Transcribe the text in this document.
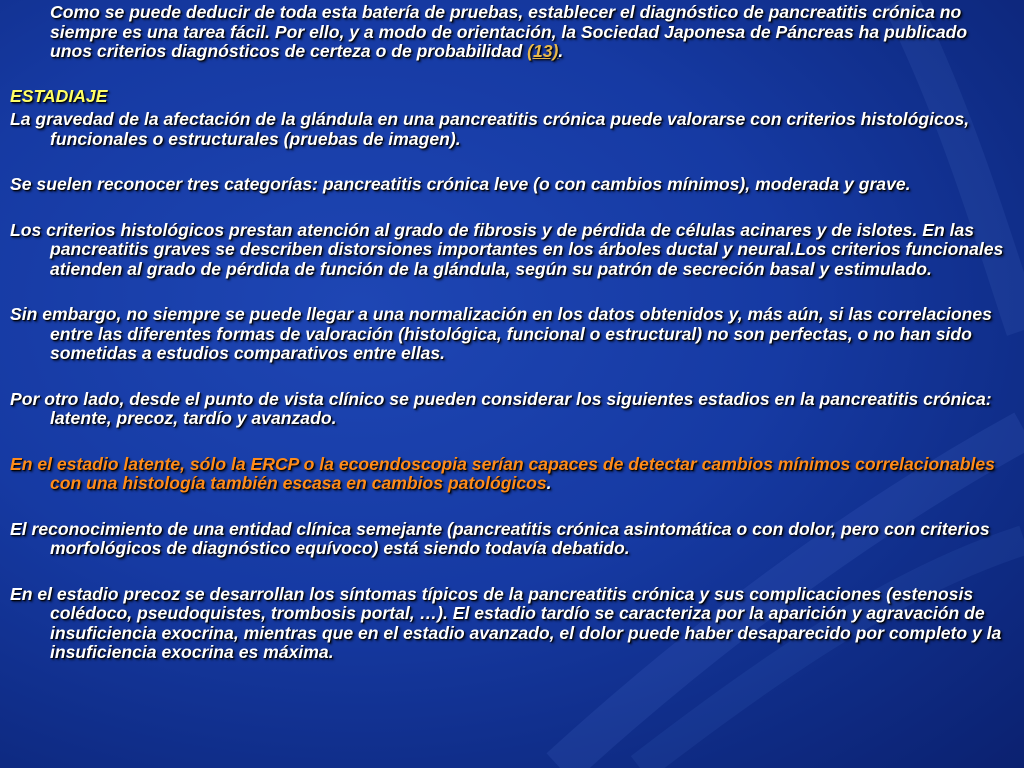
Como se puede deducir de toda esta batería de pruebas, establecer el diagnóstico de pancreatitis crónica no siempre es una tarea fácil. Por ello, y a modo de orientación, la Sociedad Japonesa de Páncreas ha publicado unos criterios diagnósticos de certeza o de probabilidad (13).

ESTADIAJE

La gravedad de la afectación de la glándula en una pancreatitis crónica puede valorarse con criterios histológicos, funcionales o estructurales (pruebas de imagen).

Se suelen reconocer tres categorías: pancreatitis crónica leve (o con cambios mínimos), moderada y grave.

Los criterios histológicos prestan atención al grado de fibrosis y de pérdida de células acinares y de islotes. En las pancreatitis graves se describen distorsiones importantes en los árboles ductal y neural.Los criterios funcionales atienden al grado de pérdida de función de la glándula, según su patrón de secreción basal y estimulado.

Sin embargo, no siempre se puede llegar a una normalización en los datos obtenidos y, más aún, si las correlaciones entre las diferentes formas de valoración (histológica, funcional o estructural) no son perfectas, o no han sido sometidas a estudios comparativos entre ellas.

Por otro lado, desde el punto de vista clínico se pueden considerar los siguientes estadios en la pancreatitis crónica: latente, precoz, tardío y avanzado.

En el estadio latente, sólo la ERCP o la ecoendoscopia serían capaces de detectar cambios mínimos correlacionables con una histología también escasa en cambios patológicos.

El reconocimiento de una entidad clínica semejante (pancreatitis crónica asintomática o con dolor, pero con criterios morfológicos de diagnóstico equívoco) está siendo todavía debatido.

En el estadio precoz se desarrollan los síntomas típicos de la pancreatitis crónica y sus complicaciones (estenosis colédoco, pseudoquistes, trombosis portal, …). El estadio tardío se caracteriza por la aparición y agravación de insuficiencia exocrina, mientras que en el estadio avanzado, el dolor puede haber desaparecido por completo y la insuficiencia exocrina es máxima.
